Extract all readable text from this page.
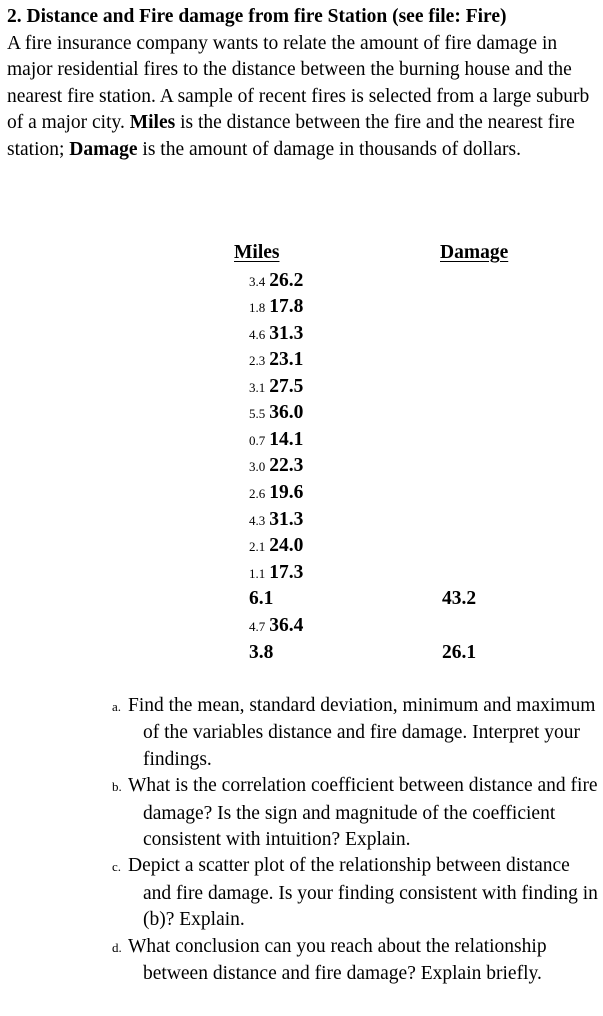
2. Distance and Fire damage from fire Station (see file: Fire)
A fire insurance company wants to relate the amount of fire damage in major residential fires to the distance between the burning house and the nearest fire station. A sample of recent fires is selected from a large suburb of a major city. Miles is the distance between the fire and the nearest fire station; Damage is the amount of damage in thousands of dollars.
Miles	Damage
3.4 26.2
1.8 17.8
4.6 31.3
2.3 23.1
3.1 27.5
5.5 36.0
0.7 14.1
3.0 22.3
2.6 19.6
4.3 31.3
2.1 24.0
1.1 17.3
6.1	43.2
4.7 36.4
3.8	26.1
a. Find the mean, standard deviation, minimum and maximum of the variables distance and fire damage. Interpret your findings.
b. What is the correlation coefficient between distance and fire damage? Is the sign and magnitude of the coefficient consistent with intuition? Explain.
c. Depict a scatter plot of the relationship between distance and fire damage. Is your finding consistent with finding in (b)? Explain.
d. What conclusion can you reach about the relationship between distance and fire damage? Explain briefly.
